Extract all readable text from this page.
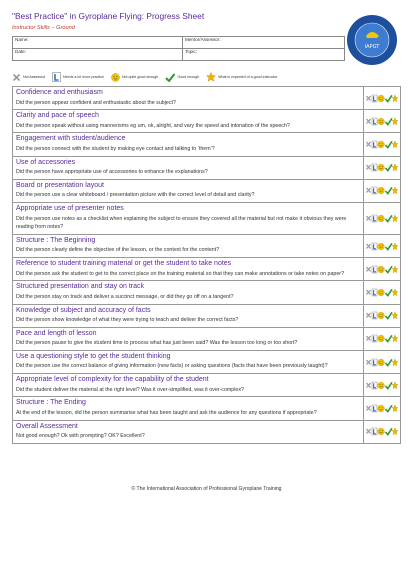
"Best Practice" in Gyroplane Flying: Progress Sheet
Instructor Skills – Ground
IAPGT
Name:	Mentor/Assessor:
Date:	Topic:
Not Assessed	Needs a lot more practice	Not quite good enough	Good enough	What is expected of a good instructor
Confidence and enthusiasm
Did the person appear confident and enthusiastic about the subject?
Clarity and pace of speech
Did the person speak without using mannerisms eg um, ok, alright, and vary the speed and intonation of the speech?
Engagement with student/audience
Did the person connect with the student by making eye contact and talking to ‘them’?
Use of accessories
Did the person have appropriate use of accessories to enhance the explanations?
Board or presentation layout
Did the person use a clear whiteboard / presentation picture with the correct level of detail and clarity?
Appropriate use of presenter notes
Did the person use notes as a checklist when explaining the subject to ensure they covered all the material but not make it obvious they were reading from notes?
Structure : The Beginning
Did the person clearly define the objective of the lesson, or the context for the content?
Reference to student training material or get the student to take notes
Did the person ask the student to get to the correct place on the training material so that they can make annotations or take notes on paper?
Structured presentation and stay on track
Did the person stay on track and deliver a succinct message, or did they go off on a tangent?
Knowledge of subject and accuracy of facts
Did the person show knowledge of what they were trying to teach and deliver the correct facts?
Pace and length of lesson
Did the person pause to give the student time to process what has just been said? Was the lesson too long or too short?
Use a questioning style to get the student thinking
Did the person use the correct balance of giving information (new facts) or asking questions (facts that have been previously taught)?
Appropriate level of complexity for the capability of the student
Did the student deliver the material at the right level? Was it over-simplified, was it over-complex?
Structure : The Ending
At the end of the lesson, did the person summarise what has been taught and ask the audience for any questions if appropriate?
Overall Assessment
Not good enough? Ok with prompting? OK? Excellent?
© The International Association of Professional Gyroplane Training
